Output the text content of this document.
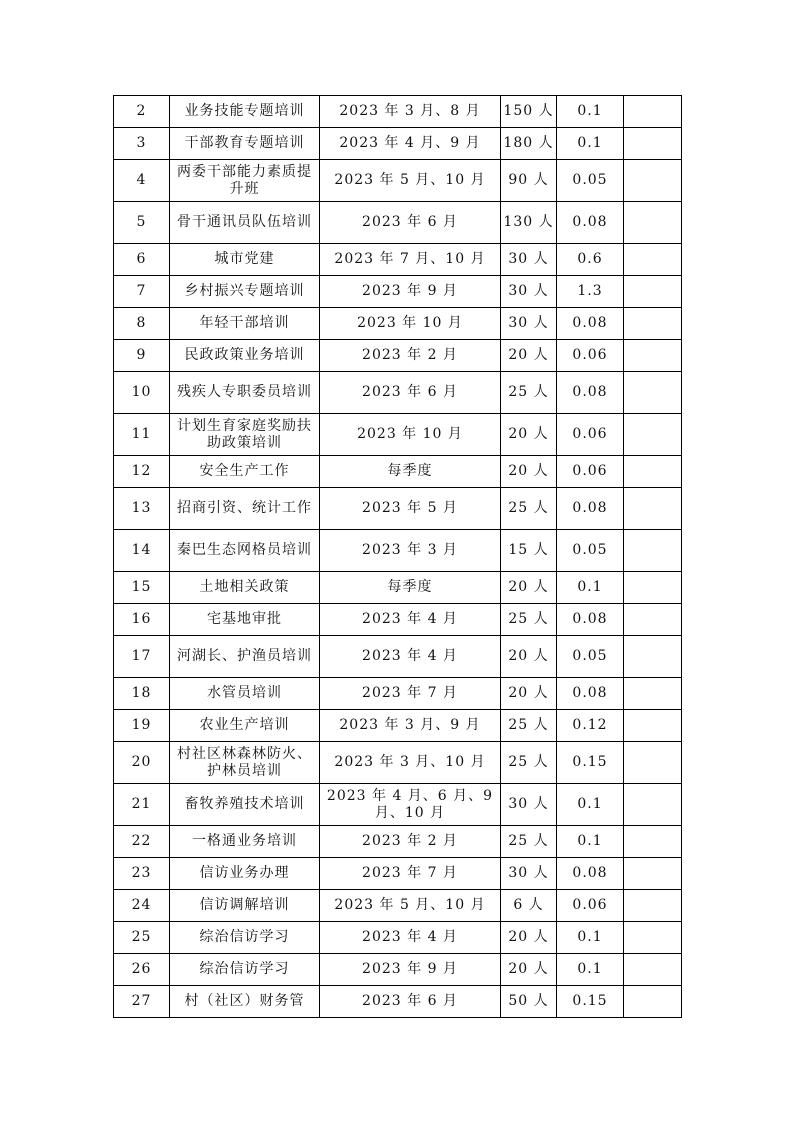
2	业务技能专题培训	2023 年 3 月、8 月	150 人	0.1	
3	干部教育专题培训	2023 年 4 月、9 月	180 人	0.1	
4	两委干部能力素质提升班	2023 年 5 月、10 月	90 人	0.05	
5	骨干通讯员队伍培训	2023 年 6 月	130 人	0.08	
6	城市党建	2023 年 7 月、10 月	30 人	0.6	
7	乡村振兴专题培训	2023 年 9 月	30 人	1.3	
8	年轻干部培训	2023 年 10 月	30 人	0.08	
9	民政政策业务培训	2023 年 2 月	20 人	0.06	
10	残疾人专职委员培训	2023 年 6 月	25 人	0.08	
11	计划生育家庭奖励扶助政策培训	2023 年 10 月	20 人	0.06	
12	安全生产工作	每季度	20 人	0.06	
13	招商引资、统计工作	2023 年 5 月	25 人	0.08	
14	秦巴生态网格员培训	2023 年 3 月	15 人	0.05	
15	土地相关政策	每季度	20 人	0.1	
16	宅基地审批	2023 年 4 月	25 人	0.08	
17	河湖长、护渔员培训	2023 年 4 月	20 人	0.05	
18	水管员培训	2023 年 7 月	20 人	0.08	
19	农业生产培训	2023 年 3 月、9 月	25 人	0.12	
20	村社区林森林防火、护林员培训	2023 年 3 月、10 月	25 人	0.15	
21	畜牧养殖技术培训	2023 年 4 月、6 月、9 月、10 月	30 人	0.1	
22	一格通业务培训	2023 年 2 月	25 人	0.1	
23	信访业务办理	2023 年 7 月	30 人	0.08	
24	信访调解培训	2023 年 5 月、10 月	6 人	0.06	
25	综治信访学习	2023 年 4 月	20 人	0.1	
26	综治信访学习	2023 年 9 月	20 人	0.1	
27	村（社区）财务管	2023 年 6 月	50 人	0.15	
